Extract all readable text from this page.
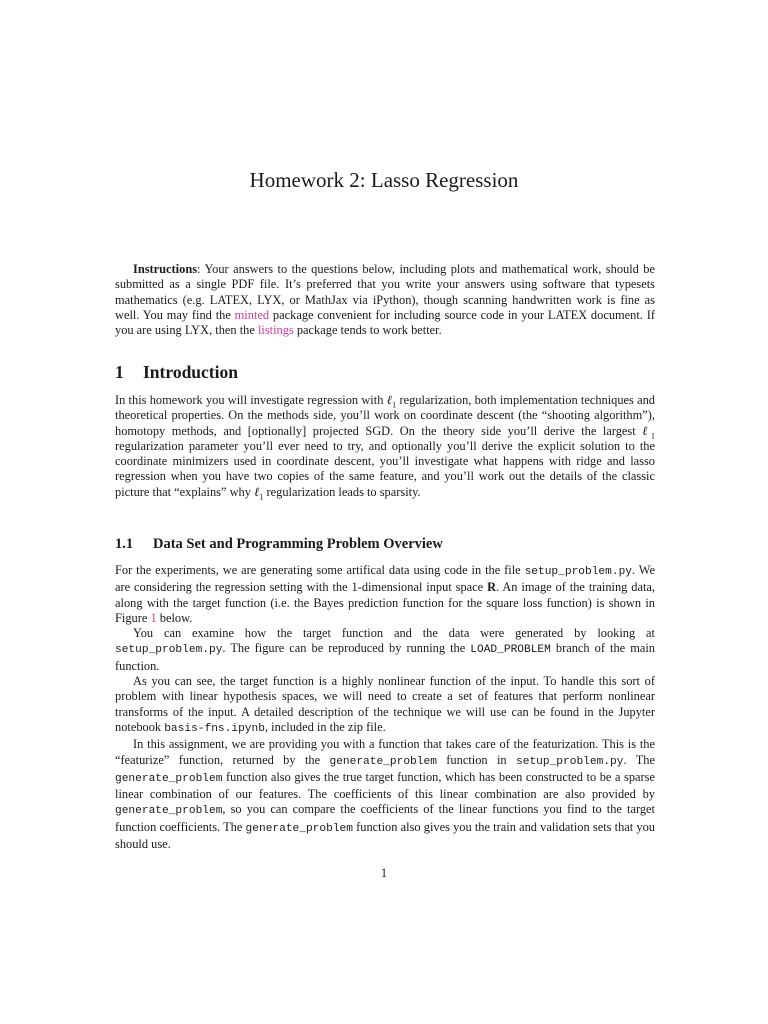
Homework 2: Lasso Regression

Instructions: Your answers to the questions below, including plots and mathematical work, should be submitted as a single PDF file. It’s preferred that you write your answers using software that typesets mathematics (e.g. LATEX, LYX, or MathJax via iPython), though scanning handwritten work is fine as well. You may find the minted package convenient for including source code in your LATEX document. If you are using LYX, then the listings package tends to work better.

1 Introduction

In this homework you will investigate regression with ℓ$_1$ regularization, both implementation techniques and theoretical properties. On the methods side, you’ll work on coordinate descent (the “shooting algorithm”), homotopy methods, and [optionally] projected SGD. On the theory side you’ll derive the largest ℓ$_1$ regularization parameter you’ll ever need to try, and optionally you’ll derive the explicit solution to the coordinate minimizers used in coordinate descent, you’ll investigate what happens with ridge and lasso regression when you have two copies of the same feature, and you’ll work out the details of the classic picture that “explains” why ℓ$_1$ regularization leads to sparsity.

1.1 Data Set and Programming Problem Overview

For the experiments, we are generating some artifical data using code in the file setup_problem.py. We are considering the regression setting with the 1-dimensional input space R. An image of the training data, along with the target function (i.e. the Bayes prediction function for the square loss function) is shown in Figure 1 below.

You can examine how the target function and the data were generated by looking at setup_problem.py. The figure can be reproduced by running the LOAD_PROBLEM branch of the main function.

As you can see, the target function is a highly nonlinear function of the input. To handle this sort of problem with linear hypothesis spaces, we will need to create a set of features that perform nonlinear transforms of the input. A detailed description of the technique we will use can be found in the Jupyter notebook basis-fns.ipynb, included in the zip file.

In this assignment, we are providing you with a function that takes care of the featurization. This is the “featurize” function, returned by the generate_problem function in setup_problem.py. The generate_problem function also gives the true target function, which has been constructed to be a sparse linear combination of our features. The coefficients of this linear combination are also provided by generate_problem, so you can compare the coefficients of the linear functions you find to the target function coefficients. The generate_problem function also gives you the train and validation sets that you should use.

1
